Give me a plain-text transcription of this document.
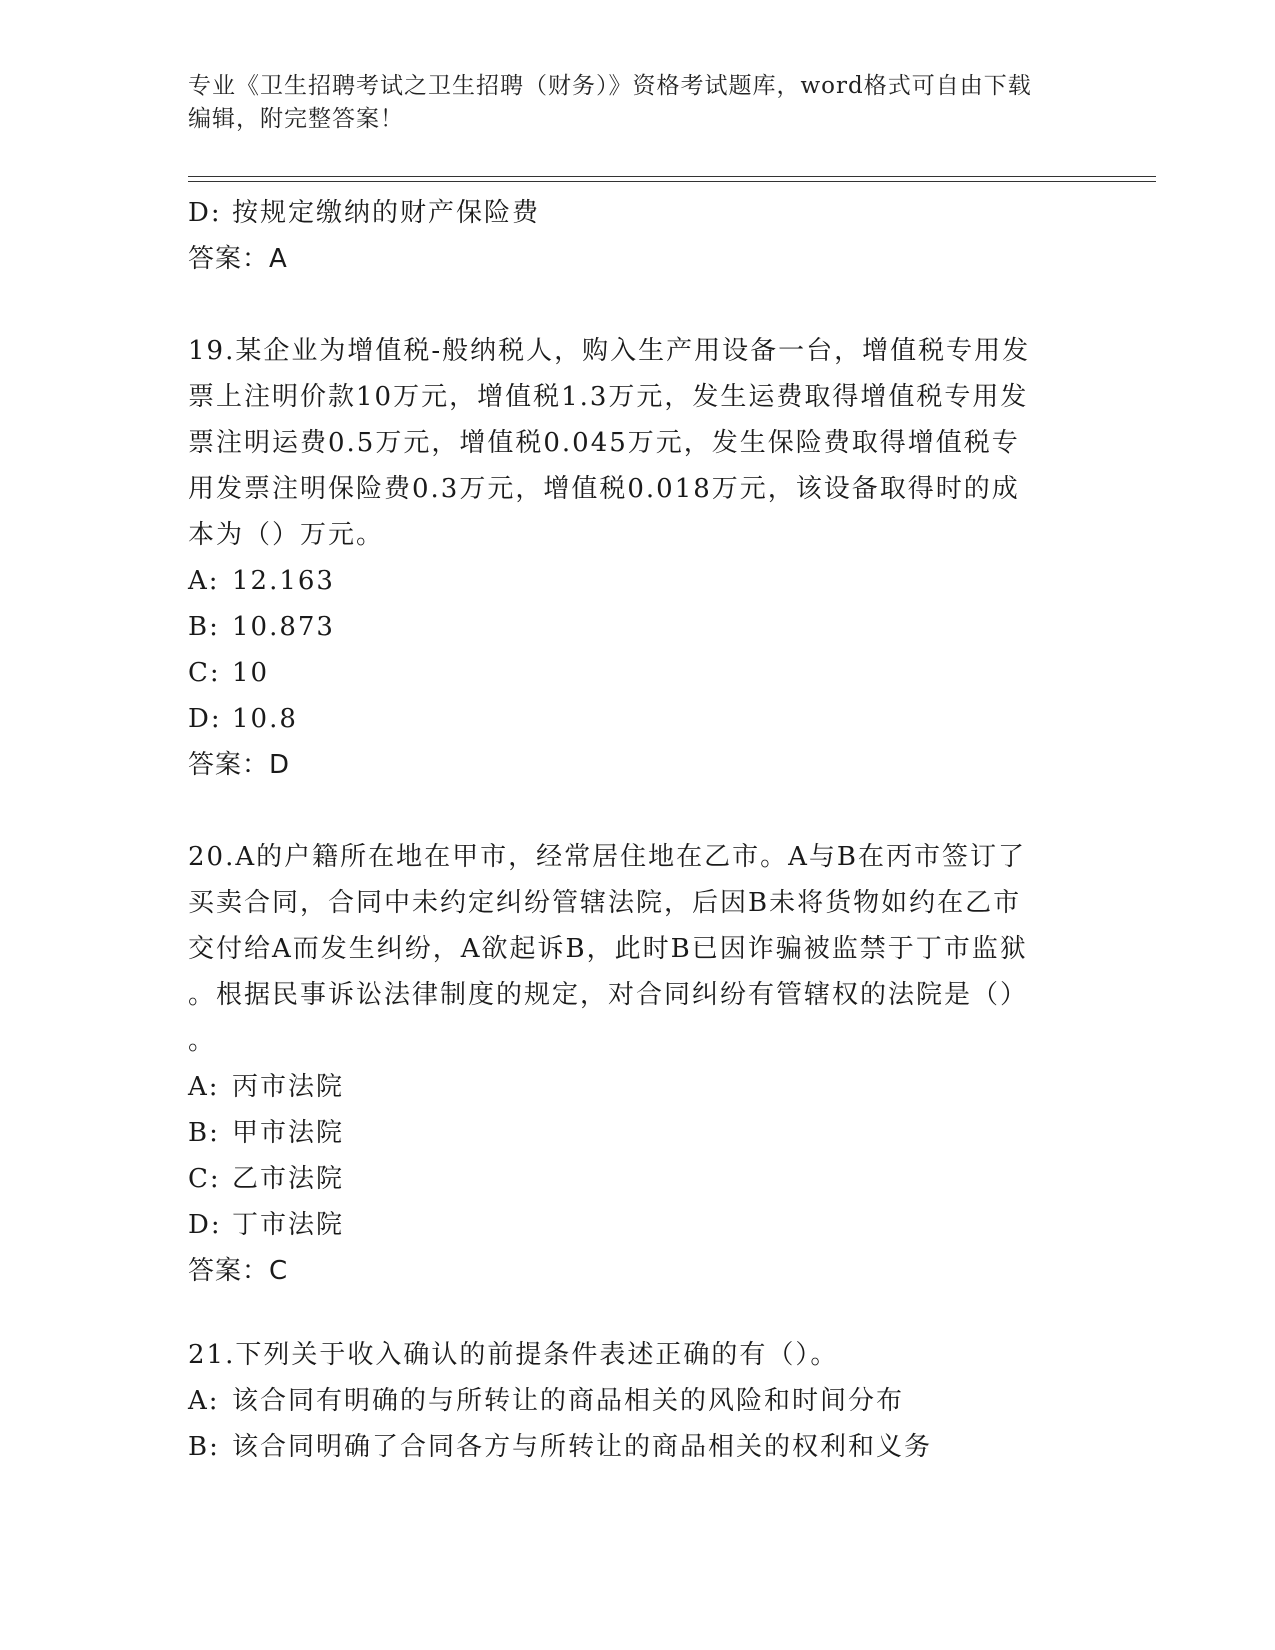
专业《卫生招聘考试之卫生招聘（财务）》资格考试题库，word格式可自由下载
编辑，附完整答案！
D: 按规定缴纳的财产保险费
答案：A
19.某企业为增值税-般纳税人，购入生产用设备一台，增值税专用发
票上注明价款10万元，增值税1.3万元，发生运费取得增值税专用发
票注明运费0.5万元，增值税0.045万元，发生保险费取得增值税专
用发票注明保险费0.3万元，增值税0.018万元，该设备取得时的成
本为（）万元。
A: 12.163
B: 10.873
C: 10
D: 10.8
答案：D
20.A的户籍所在地在甲市，经常居住地在乙市。A与B在丙市签订了
买卖合同，合同中未约定纠纷管辖法院，后因B未将货物如约在乙市
交付给A而发生纠纷，A欲起诉B，此时B已因诈骗被监禁于丁市监狱
。根据民事诉讼法律制度的规定，对合同纠纷有管辖权的法院是（）
。
A: 丙市法院
B: 甲市法院
C: 乙市法院
D: 丁市法院
答案：C
21.下列关于收入确认的前提条件表述正确的有（）。
A: 该合同有明确的与所转让的商品相关的风险和时间分布
B: 该合同明确了合同各方与所转让的商品相关的权利和义务
